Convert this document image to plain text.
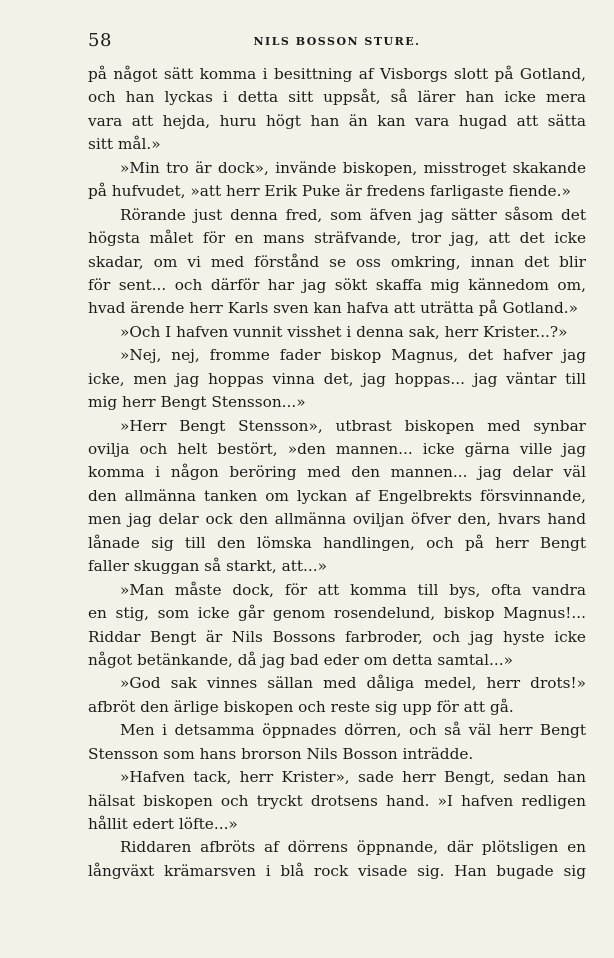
58	NILS BOSSON STURE.
på något sätt komma i besittning af Visborgs slott på Gotland,
och han lyckas i detta sitt uppsåt, så lärer han icke mera
vara att hejda, huru högt han än kan vara hugad att sätta
sitt mål.»
»Min tro är dock», invände biskopen, misstroget skakande
på hufvudet, »att herr Erik Puke är fredens farligaste fiende.»
Rörande just denna fred, som äfven jag sätter såsom det
högsta målet för en mans sträfvande, tror jag, att det icke
skadar, om vi med förstånd se oss omkring, innan det blir
för sent... och därför har jag sökt skaffa mig kännedom om,
hvad ärende herr Karls sven kan hafva att uträtta på Gotland.»
»Och I hafven vunnit visshet i denna sak, herr Krister...?»
»Nej, nej, fromme fader biskop Magnus, det hafver jag
icke, men jag hoppas vinna det, jag hoppas... jag väntar till
mig herr Bengt Stensson...»
»Herr Bengt Stensson», utbrast biskopen med synbar
ovilja och helt bestört, »den mannen... icke gärna ville jag
komma i någon beröring med den mannen... jag delar väl
den allmänna tanken om lyckan af Engelbrekts försvinnande,
men jag delar ock den allmänna oviljan öfver den, hvars hand
lånade sig till den lömska handlingen, och på herr Bengt
faller skuggan så starkt, att...»
»Man måste dock, för att komma till bys, ofta vandra
en stig, som icke går genom rosendelund, biskop Magnus!...
Riddar Bengt är Nils Bossons farbroder, och jag hyste icke
något betänkande, då jag bad eder om detta samtal...»
»God sak vinnes sällan med dåliga medel, herr drots!»
afbröt den ärlige biskopen och reste sig upp för att gå.
Men i detsamma öppnades dörren, och så väl herr Bengt
Stensson som hans brorson Nils Bosson inträdde.
»Hafven tack, herr Krister», sade herr Bengt, sedan han
hälsat biskopen och tryckt drotsens hand. »I hafven redligen
hållit edert löfte...»
Riddaren afbröts af dörrens öppnande, där plötsligen en
långväxt krämarsven i blå rock visade sig. Han bugade sig
